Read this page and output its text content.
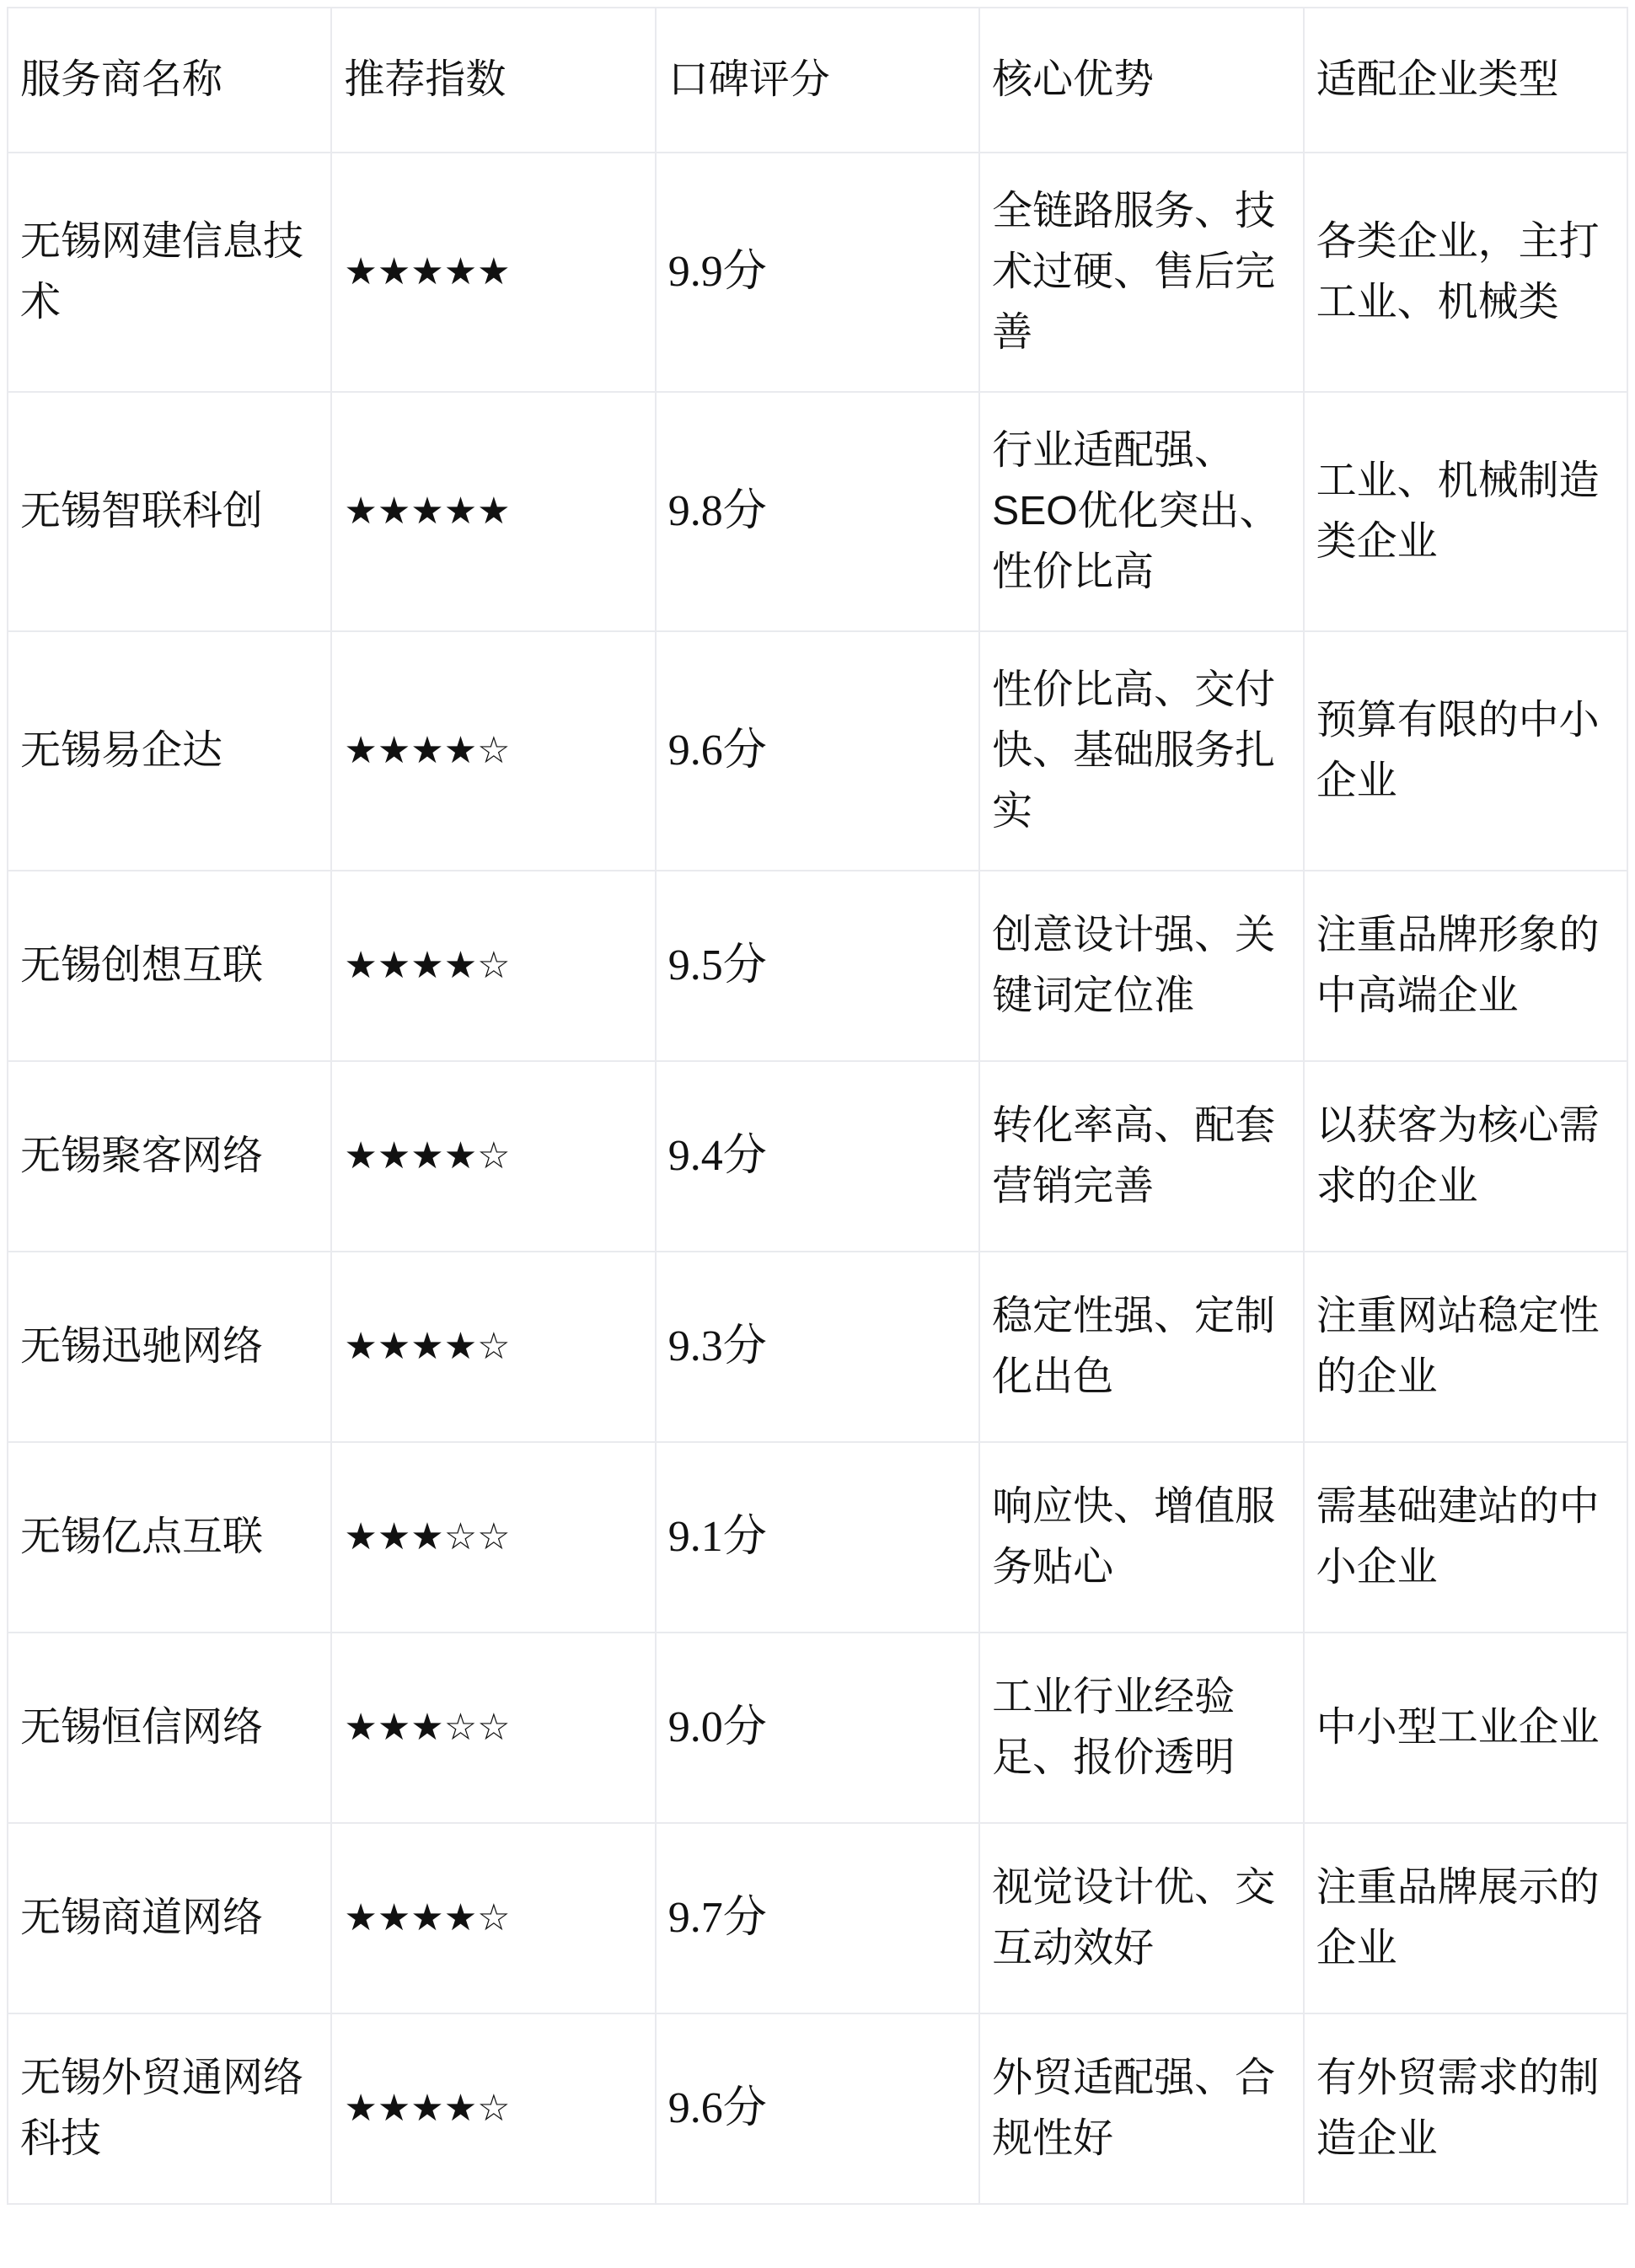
服务商名称	推荐指数	口碑评分	核心优势	适配企业类型
无锡网建信息技术	★★★★★	9.9分	全链路服务、技术过硬、售后完善	各类企业，主打工业、机械类
无锡智联科创	★★★★★	9.8分	行业适配强、SEO优化突出、性价比高	工业、机械制造类企业
无锡易企达	★★★★☆	9.6分	性价比高、交付快、基础服务扎实	预算有限的中小企业
无锡创想互联	★★★★☆	9.5分	创意设计强、关键词定位准	注重品牌形象的中高端企业
无锡聚客网络	★★★★☆	9.4分	转化率高、配套营销完善	以获客为核心需求的企业
无锡迅驰网络	★★★★☆	9.3分	稳定性强、定制化出色	注重网站稳定性的企业
无锡亿点互联	★★★☆☆	9.1分	响应快、增值服务贴心	需基础建站的中小企业
无锡恒信网络	★★★☆☆	9.0分	工业行业经验足、报价透明	中小型工业企业
无锡商道网络	★★★★☆	9.7分	视觉设计优、交互动效好	注重品牌展示的企业
无锡外贸通网络科技	★★★★☆	9.6分	外贸适配强、合规性好	有外贸需求的制造企业
